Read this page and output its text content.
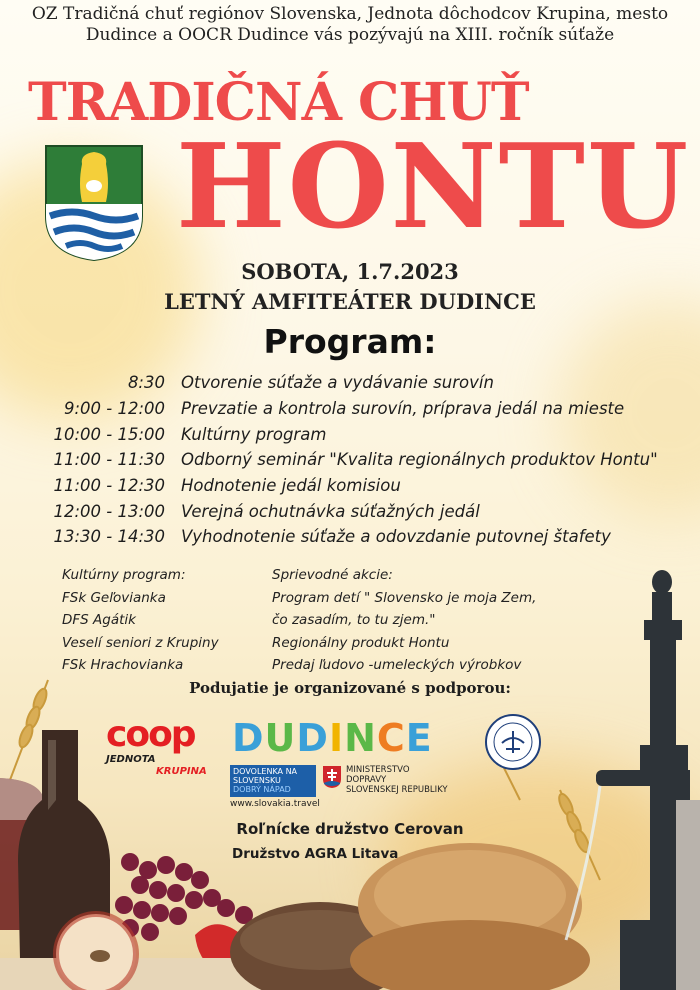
OZ Tradičná chuť regiónov Slovenska, Jednota dôchodcov Krupina, mesto
Dudince a OOCR Dudince vás pozývajú na XIII. ročník súťaže
TRADIČNÁ CHUŤ
HONTU
SOBOTA, 1.7.2023
LETNÝ AMFITEÁTER DUDINCE
Program:
8:30 Otvorenie súťaže a vydávanie surovín
9:00 - 12:00 Prevzatie a kontrola surovín, príprava jedál na mieste
10:00 - 15:00 Kultúrny program
11:00 - 11:30 Odborný seminár "Kvalita regionálnych produktov Hontu"
11:00 - 12:30 Hodnotenie jedál komisiou
12:00 - 13:00 Verejná ochutnávka súťažných jedál
13:30 - 14:30 Vyhodnotenie súťaže a odovzdanie putovnej štafety
Kultúrny program:
FSk Geľovianka
DFS Agátik
Veselí seniori z Krupiny
FSk Hrachovianka
Sprievodné akcie:
Program detí " Slovensko je moja Zem,
čo zasadím, to tu zjem."
Regionálny produkt Hontu
Predaj ľudovo -umeleckých výrobkov
Podujatie je organizované s podporou:
coop
JEDNOTA
KRUPINA
DUDINCE
DOVOLENKA NA SLOVENSKU
DOBRÝ NÁPAD
www.slovakia.travel
MINISTERSTVO
DOPRAVY
SLOVENSKEJ REPUBLIKY
Roľnícke družstvo Cerovan
Družstvo AGRA Litava
